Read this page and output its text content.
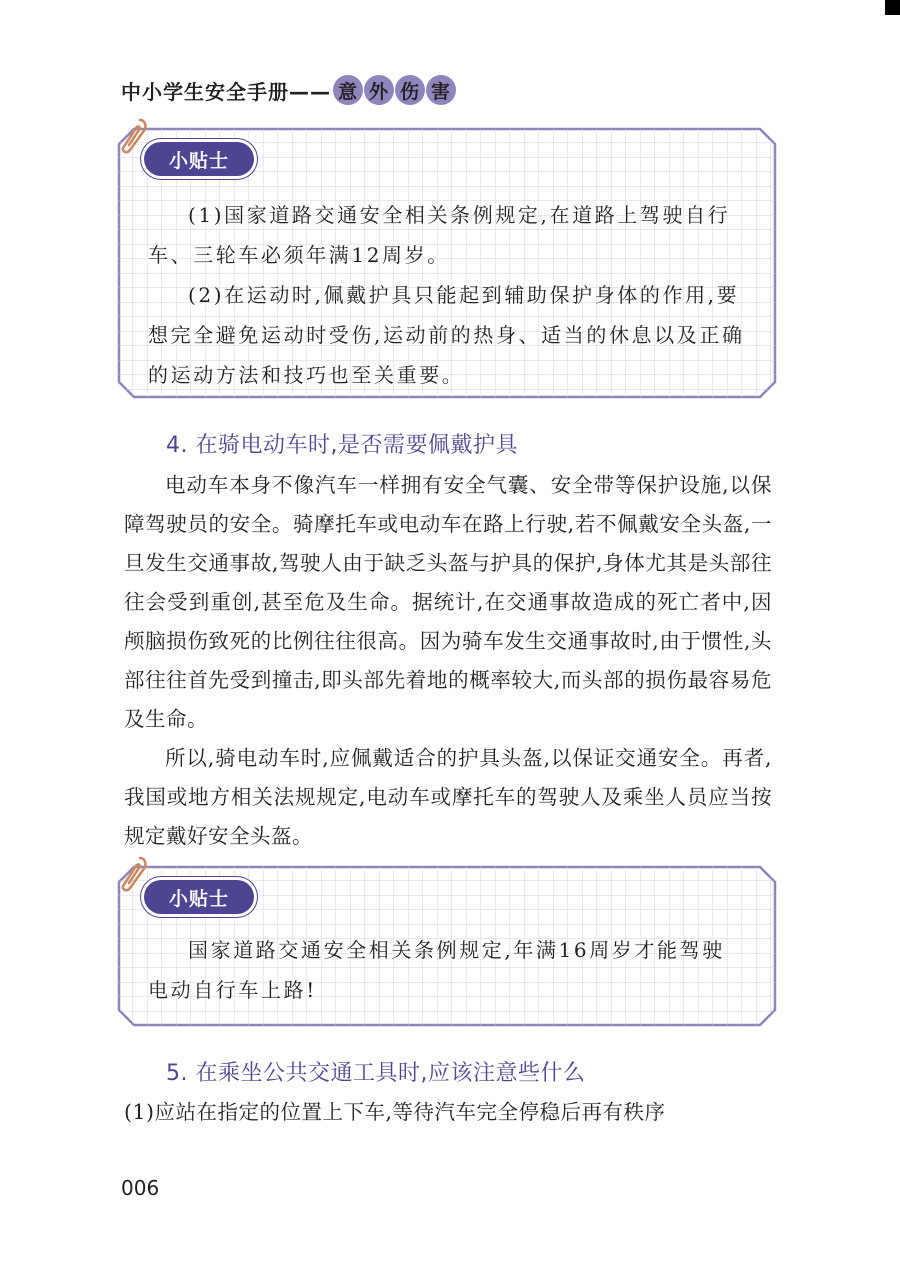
中小学生安全手册—— 意 外 伤 害
小贴士

(1)国家道路交通安全相关条例规定,在道路上驾驶自行车、三轮车必须年满12周岁。

(2)在运动时,佩戴护具只能起到辅助保护身体的作用,要想完全避免运动时受伤,运动前的热身、适当的休息以及正确的运动方法和技巧也至关重要。

4. 在骑电动车时,是否需要佩戴护具

电动车本身不像汽车一样拥有安全气囊、安全带等保护设施,以保障驾驶员的安全。骑摩托车或电动车在路上行驶,若不佩戴安全头盔,一旦发生交通事故,驾驶人由于缺乏头盔与护具的保护,身体尤其是头部往往会受到重创,甚至危及生命。据统计,在交通事故造成的死亡者中,因颅脑损伤致死的比例往往很高。因为骑车发生交通事故时,由于惯性,头部往往首先受到撞击,即头部先着地的概率较大,而头部的损伤最容易危及生命。

所以,骑电动车时,应佩戴适合的护具头盔,以保证交通安全。再者,我国或地方相关法规规定,电动车或摩托车的驾驶人及乘坐人员应当按规定戴好安全头盔。

小贴士

国家道路交通安全相关条例规定,年满16周岁才能驾驶电动自行车上路!

5. 在乘坐公共交通工具时,应该注意些什么

(1)应站在指定的位置上下车,等待汽车完全停稳后再有秩序

006
